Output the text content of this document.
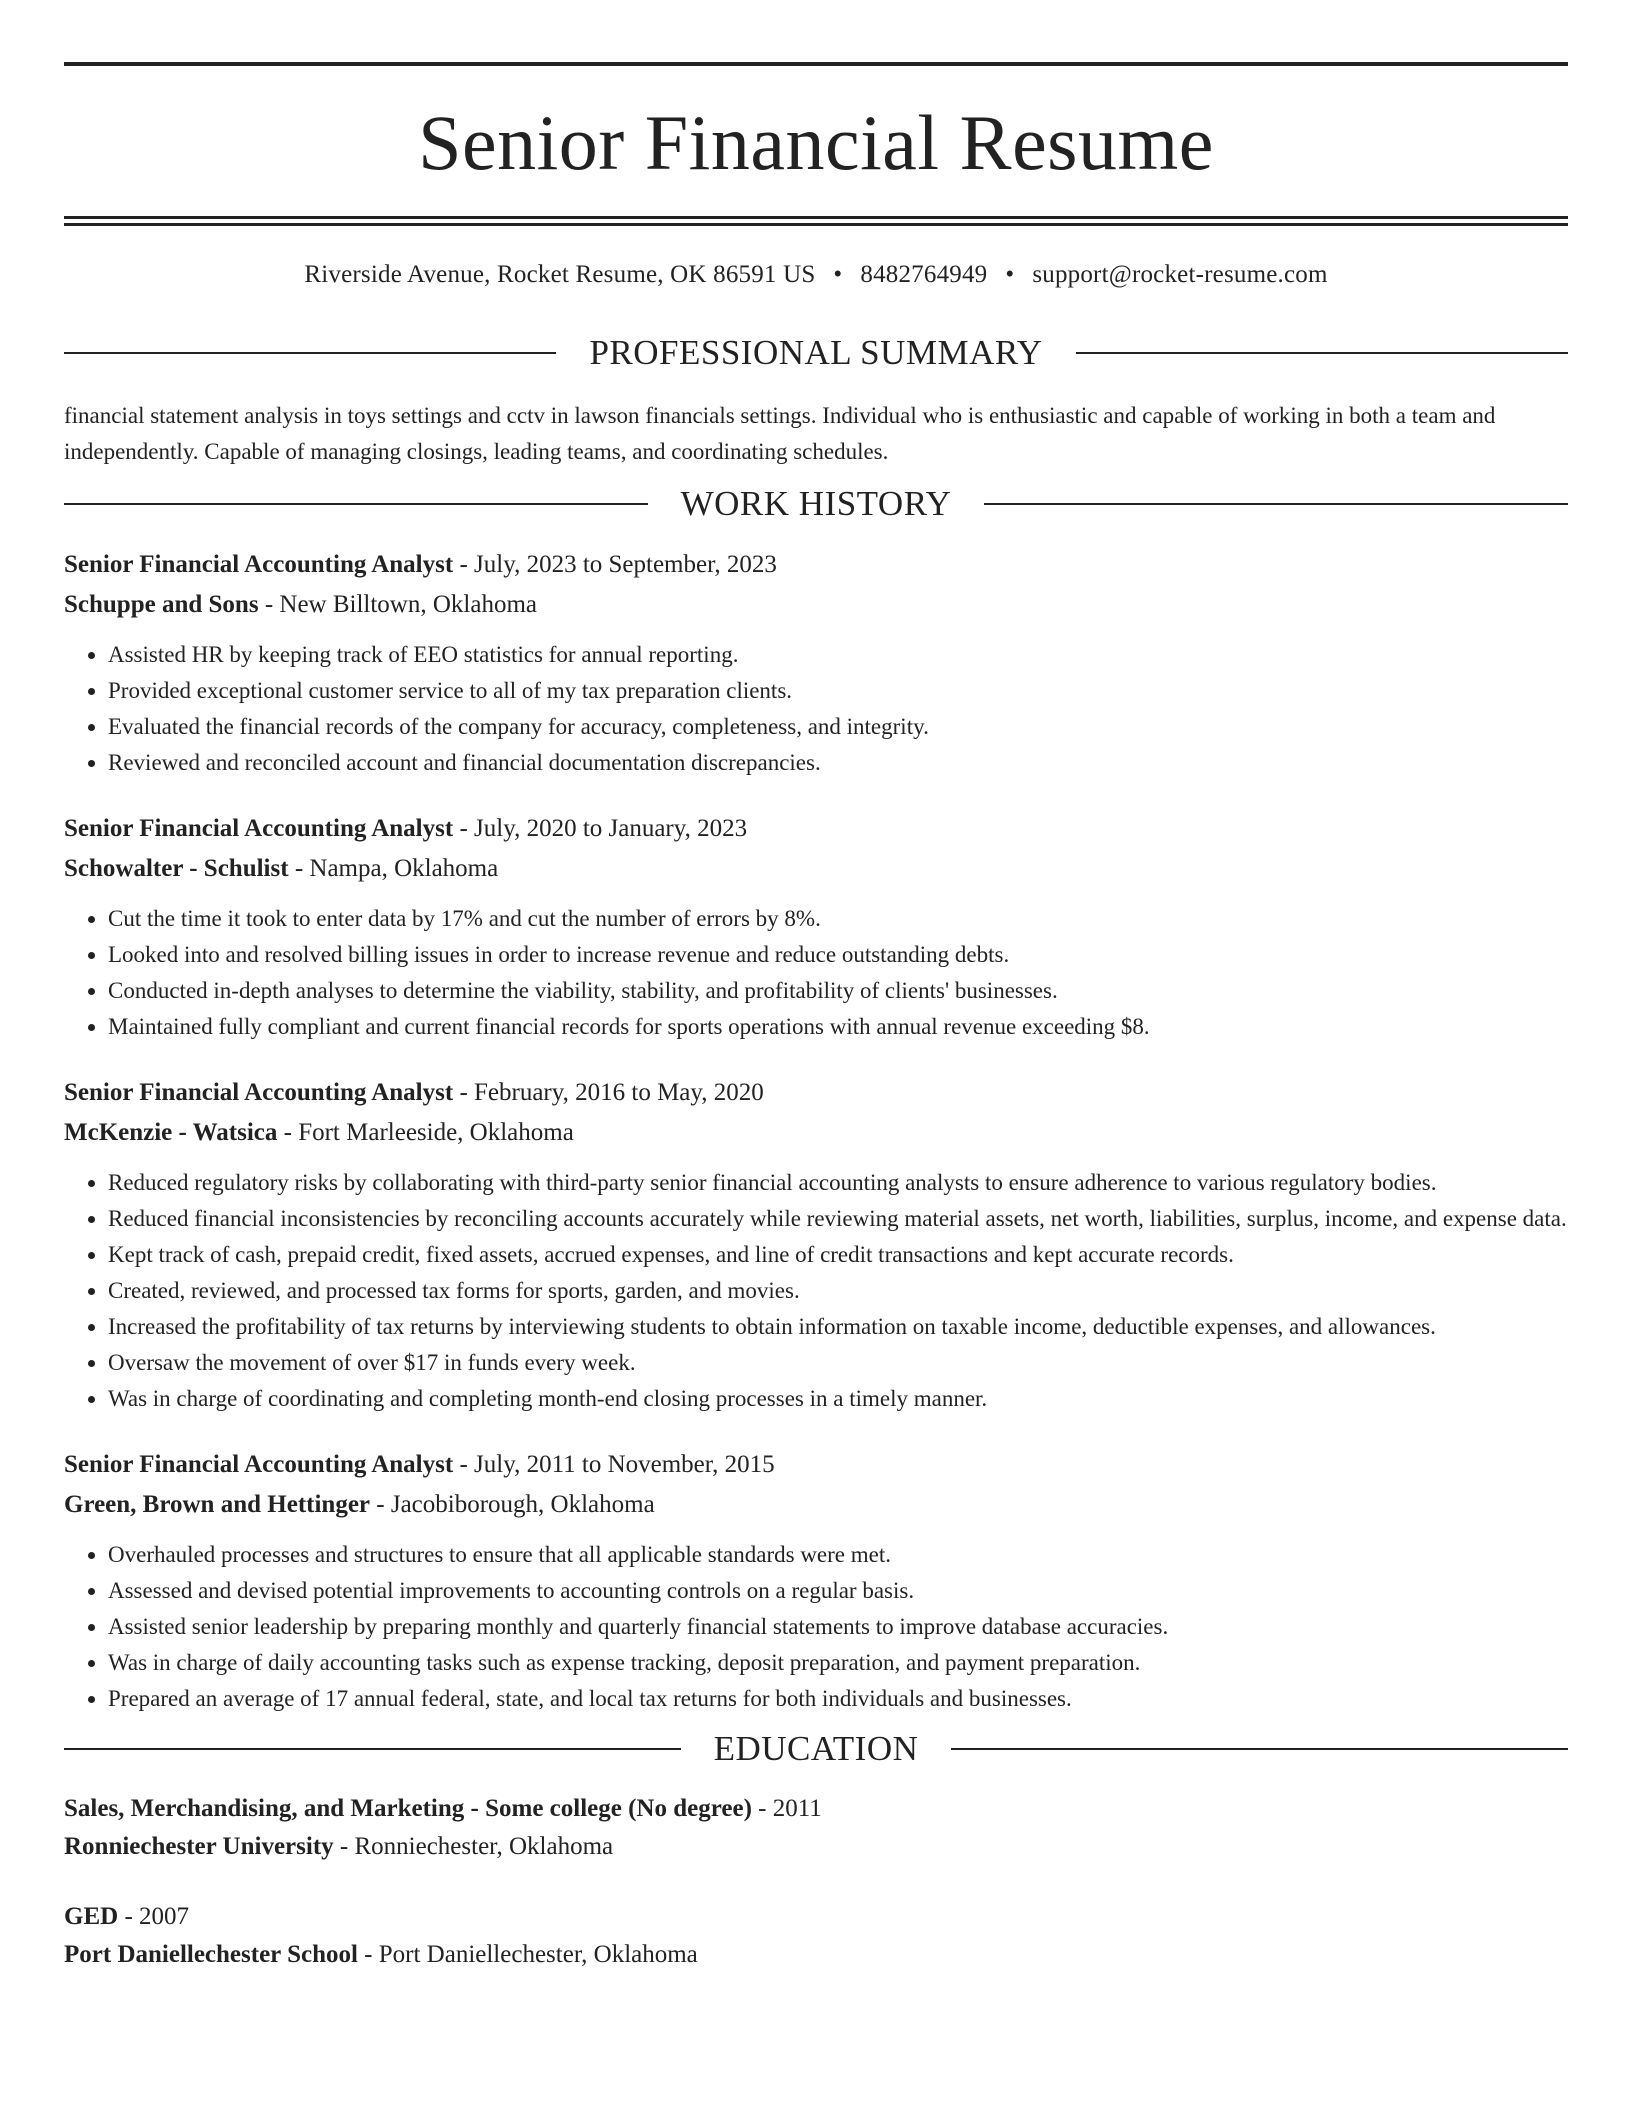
Senior Financial Resume
Riverside Avenue, Rocket Resume, OK 86591 US • 8482764949 • support@rocket-resume.com
PROFESSIONAL SUMMARY
financial statement analysis in toys settings and cctv in lawson financials settings. Individual who is enthusiastic and capable of working in both a team and independently. Capable of managing closings, leading teams, and coordinating schedules.
WORK HISTORY
Senior Financial Accounting Analyst - July, 2023 to September, 2023
Schuppe and Sons - New Billtown, Oklahoma
• Assisted HR by keeping track of EEO statistics for annual reporting.
• Provided exceptional customer service to all of my tax preparation clients.
• Evaluated the financial records of the company for accuracy, completeness, and integrity.
• Reviewed and reconciled account and financial documentation discrepancies.
Senior Financial Accounting Analyst - July, 2020 to January, 2023
Schowalter - Schulist - Nampa, Oklahoma
• Cut the time it took to enter data by 17% and cut the number of errors by 8%.
• Looked into and resolved billing issues in order to increase revenue and reduce outstanding debts.
• Conducted in-depth analyses to determine the viability, stability, and profitability of clients' businesses.
• Maintained fully compliant and current financial records for sports operations with annual revenue exceeding $8.
Senior Financial Accounting Analyst - February, 2016 to May, 2020
McKenzie - Watsica - Fort Marleeside, Oklahoma
• Reduced regulatory risks by collaborating with third-party senior financial accounting analysts to ensure adherence to various regulatory bodies.
• Reduced financial inconsistencies by reconciling accounts accurately while reviewing material assets, net worth, liabilities, surplus, income, and expense data.
• Kept track of cash, prepaid credit, fixed assets, accrued expenses, and line of credit transactions and kept accurate records.
• Created, reviewed, and processed tax forms for sports, garden, and movies.
• Increased the profitability of tax returns by interviewing students to obtain information on taxable income, deductible expenses, and allowances.
• Oversaw the movement of over $17 in funds every week.
• Was in charge of coordinating and completing month-end closing processes in a timely manner.
Senior Financial Accounting Analyst - July, 2011 to November, 2015
Green, Brown and Hettinger - Jacobiborough, Oklahoma
• Overhauled processes and structures to ensure that all applicable standards were met.
• Assessed and devised potential improvements to accounting controls on a regular basis.
• Assisted senior leadership by preparing monthly and quarterly financial statements to improve database accuracies.
• Was in charge of daily accounting tasks such as expense tracking, deposit preparation, and payment preparation.
• Prepared an average of 17 annual federal, state, and local tax returns for both individuals and businesses.
EDUCATION
Sales, Merchandising, and Marketing - Some college (No degree) - 2011
Ronniechester University - Ronniechester, Oklahoma
GED - 2007
Port Daniellechester School - Port Daniellechester, Oklahoma
